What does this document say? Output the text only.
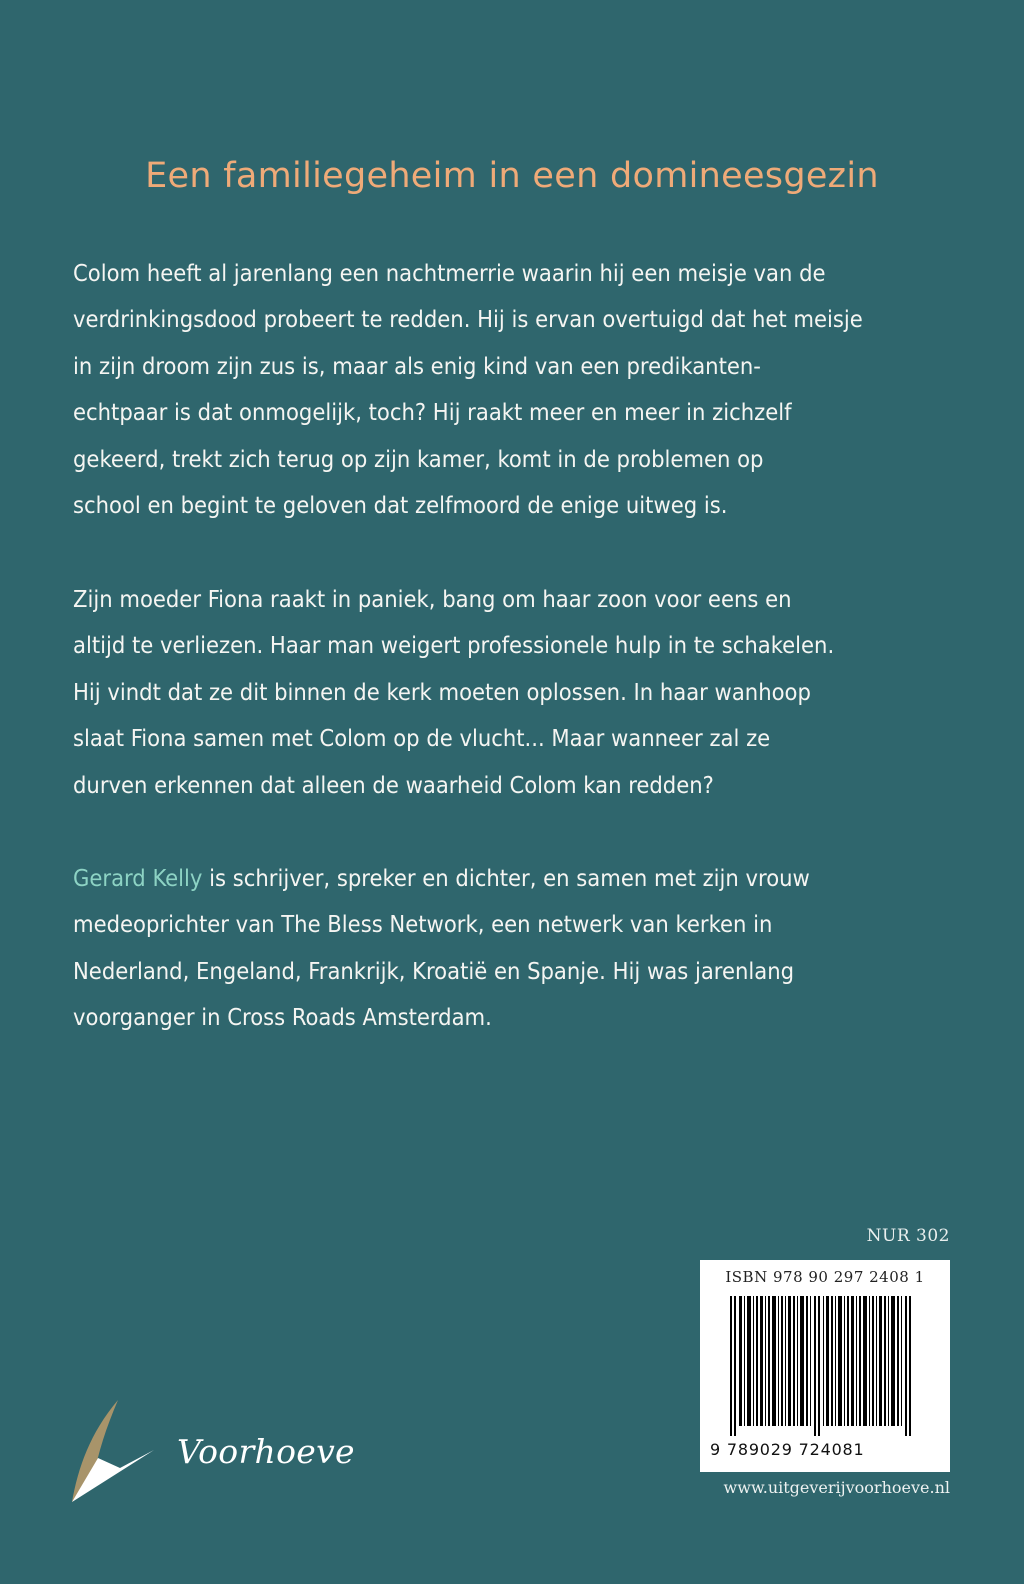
Een familiegeheim in een domineesgezin

Colom heeft al jarenlang een nachtmerrie waarin hij een meisje van de
verdrinkingsdood probeert te redden. Hij is ervan overtuigd dat het meisje
in zijn droom zijn zus is, maar als enig kind van een predikanten-
echtpaar is dat onmogelijk, toch? Hij raakt meer en meer in zichzelf
gekeerd, trekt zich terug op zijn kamer, komt in de problemen op
school en begint te geloven dat zelfmoord de enige uitweg is.

Zijn moeder Fiona raakt in paniek, bang om haar zoon voor eens en
altijd te verliezen. Haar man weigert professionele hulp in te schakelen.
Hij vindt dat ze dit binnen de kerk moeten oplossen. In haar wanhoop
slaat Fiona samen met Colom op de vlucht... Maar wanneer zal ze
durven erkennen dat alleen de waarheid Colom kan redden?

Gerard Kelly is schrijver, spreker en dichter, en samen met zijn vrouw
medeoprichter van The Bless Network, een netwerk van kerken in
Nederland, Engeland, Frankrijk, Kroatië en Spanje. Hij was jarenlang
voorganger in Cross Roads Amsterdam.

NUR 302
ISBN 978 90 297 2408 1
9 789029 724081
www.uitgeverijvoorhoeve.nl
Voorhoeve
